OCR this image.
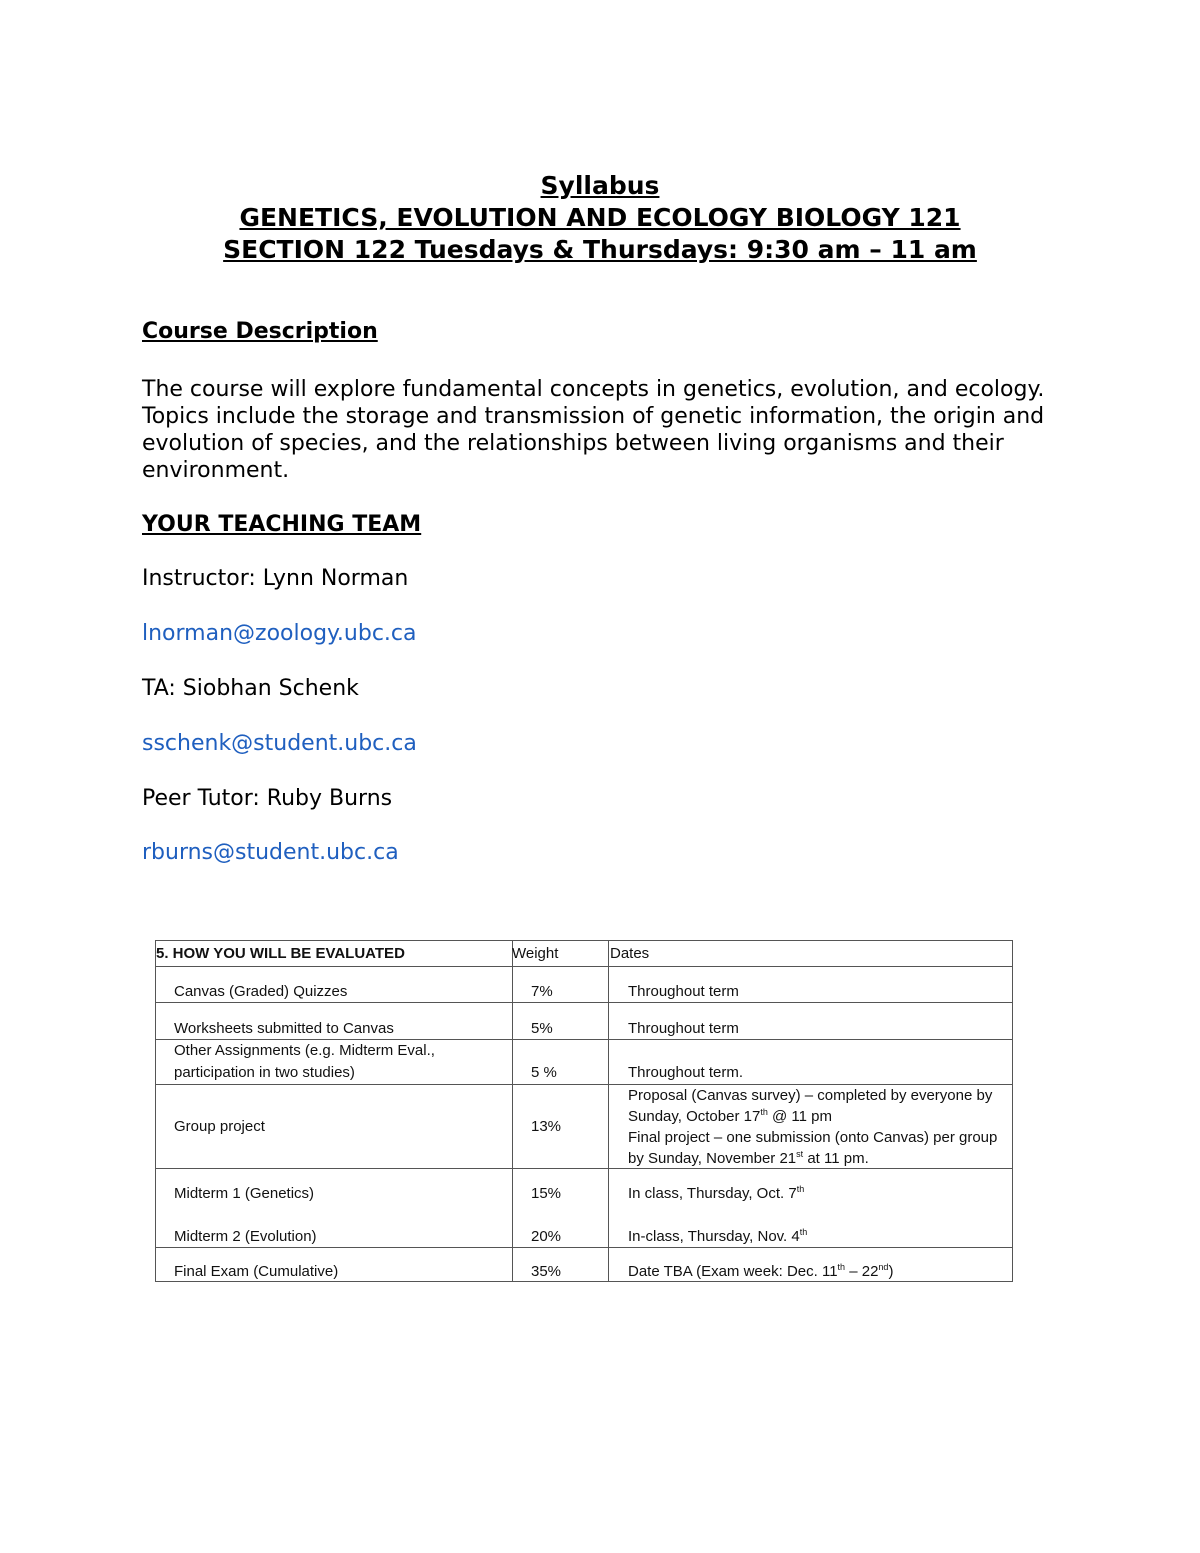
Syllabus
GENETICS, EVOLUTION AND ECOLOGY BIOLOGY 121
SECTION 122 Tuesdays & Thursdays: 9:30 am – 11 am
Course Description
The course will explore fundamental concepts in genetics, evolution, and ecology. Topics include the storage and transmission of genetic information, the origin and evolution of species, and the relationships between living organisms and their environment.
YOUR TEACHING TEAM
Instructor: Lynn Norman
lnorman@zoology.ubc.ca
TA: Siobhan Schenk
sschenk@student.ubc.ca
Peer Tutor: Ruby Burns
rburns@student.ubc.ca
5. HOW YOU WILL BE EVALUATED	Weight	Dates
Canvas (Graded) Quizzes	7%	Throughout term
Worksheets submitted to Canvas	5%	Throughout term
Other Assignments (e.g. Midterm Eval.,
participation in two studies)	5 %	Throughout term.
Group project	13%
Proposal (Canvas survey) – completed by everyone by
Sunday, October 17th @ 11 pm
Final project – one submission (onto Canvas) per group
by Sunday, November 21st at 11 pm.
Midterm 1 (Genetics)	15%	In class, Thursday, Oct. 7th
Midterm 2 (Evolution)	20%	In-class, Thursday, Nov. 4th
Final Exam (Cumulative)	35%	Date TBA (Exam week: Dec. 11th – 22nd)
